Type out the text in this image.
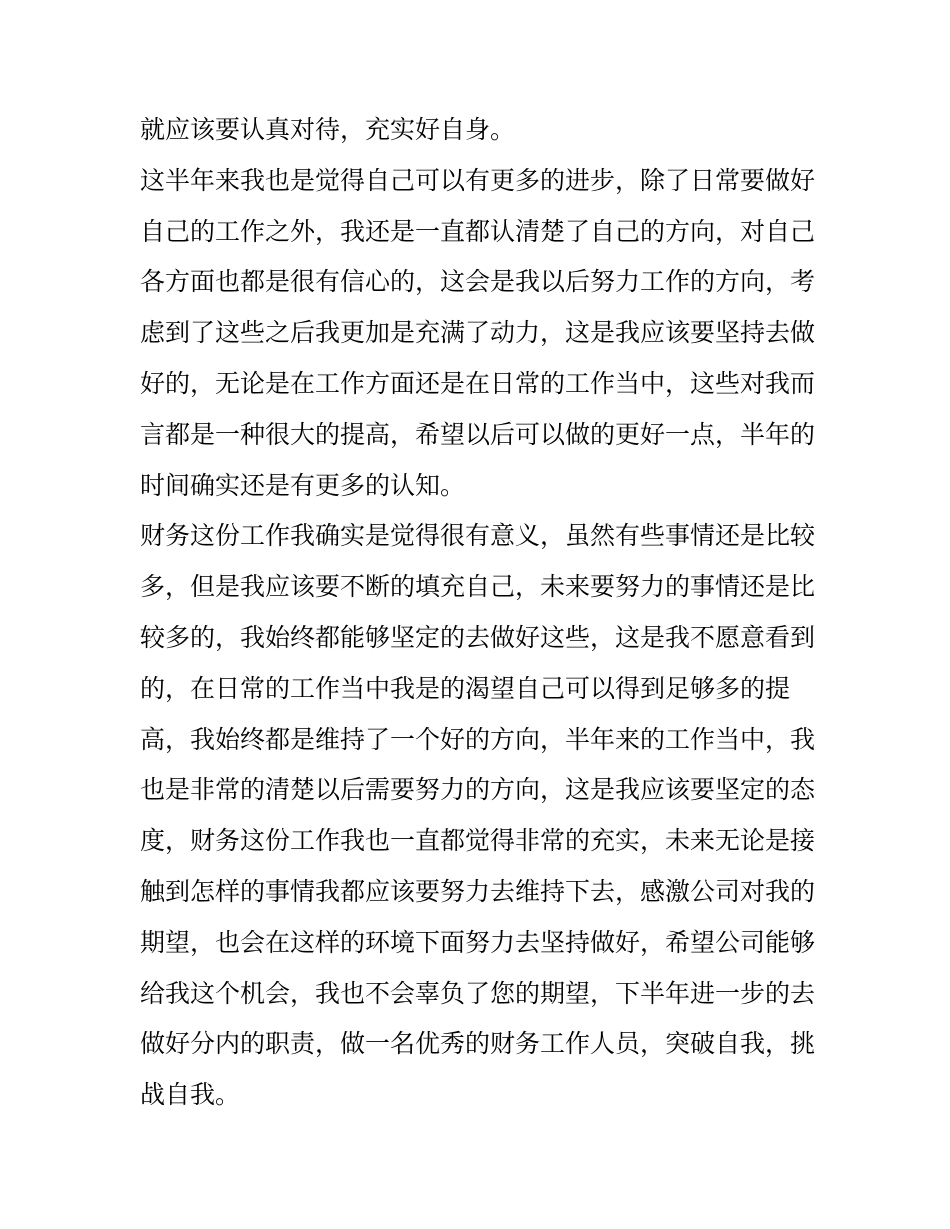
就应该要认真对待，充实好自身。
这半年来我也是觉得自己可以有更多的进步，除了日常要做好
自己的工作之外，我还是一直都认清楚了自己的方向，对自己
各方面也都是很有信心的，这会是我以后努力工作的方向，考
虑到了这些之后我更加是充满了动力，这是我应该要坚持去做
好的，无论是在工作方面还是在日常的工作当中，这些对我而
言都是一种很大的提高，希望以后可以做的更好一点，半年的
时间确实还是有更多的认知。
财务这份工作我确实是觉得很有意义，虽然有些事情还是比较
多，但是我应该要不断的填充自己，未来要努力的事情还是比
较多的，我始终都能够坚定的去做好这些，这是我不愿意看到
的，在日常的工作当中我是的渴望自己可以得到足够多的提
高，我始终都是维持了一个好的方向，半年来的工作当中，我
也是非常的清楚以后需要努力的方向，这是我应该要坚定的态
度，财务这份工作我也一直都觉得非常的充实，未来无论是接
触到怎样的事情我都应该要努力去维持下去，感激公司对我的
期望，也会在这样的环境下面努力去坚持做好，希望公司能够
给我这个机会，我也不会辜负了您的期望，下半年进一步的去
做好分内的职责，做一名优秀的财务工作人员，突破自我，挑
战自我。
